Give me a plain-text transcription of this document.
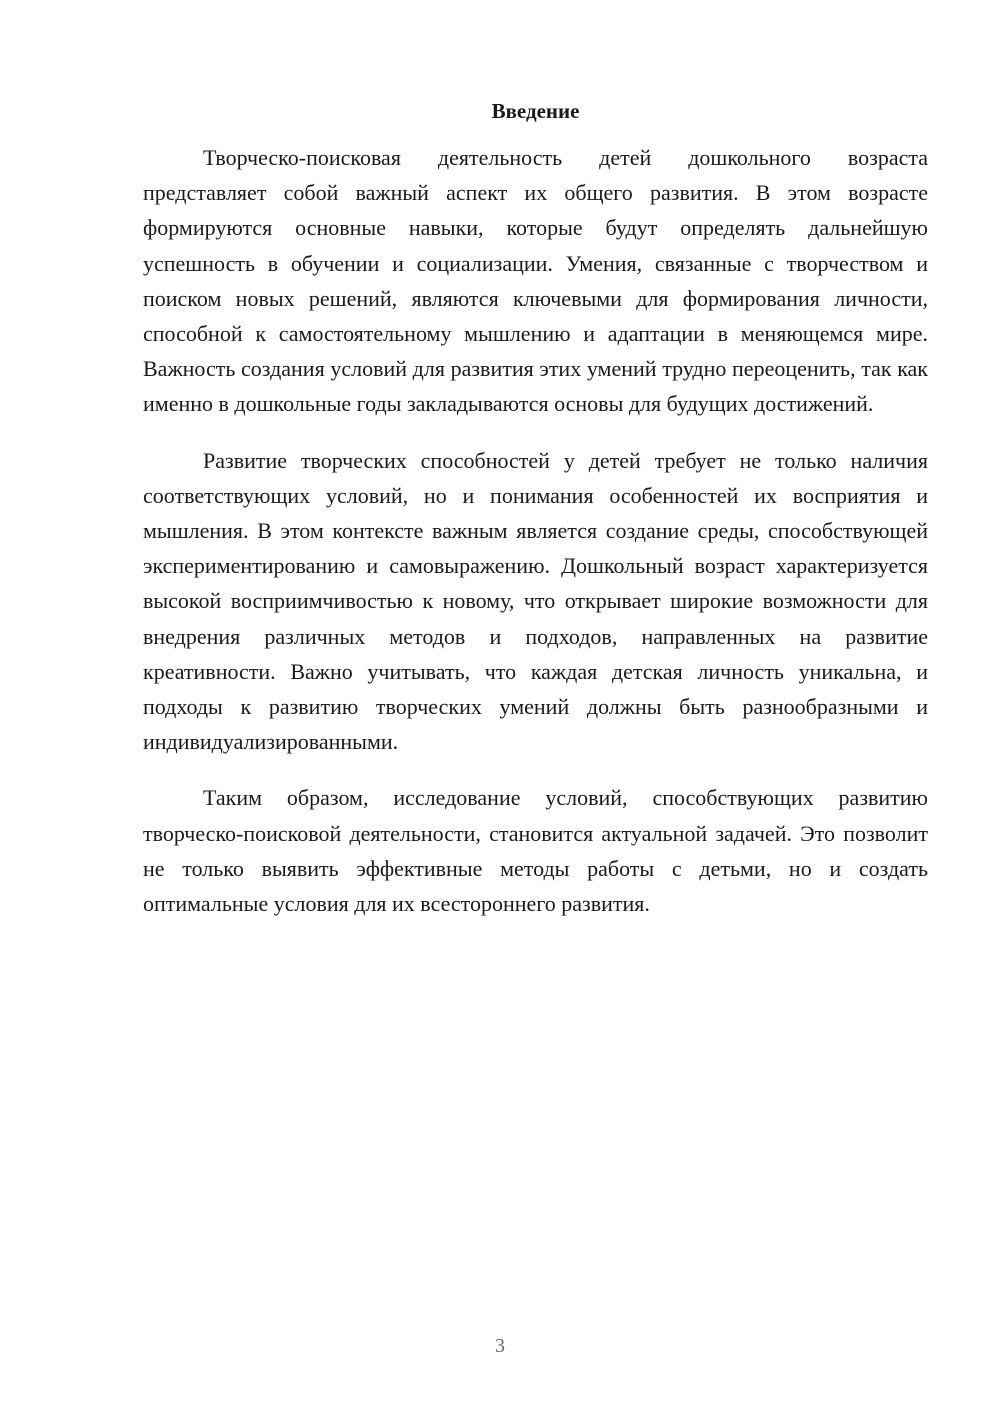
Введение

Творческо-поисковая деятельность детей дошкольного возраста представляет собой важный аспект их общего развития. В этом возрасте формируются основные навыки, которые будут определять дальнейшую успешность в обучении и социализации. Умения, связанные с творчеством и поиском новых решений, являются ключевыми для формирования личности, способной к самостоятельному мышлению и адаптации в меняющемся мире. Важность создания условий для развития этих умений трудно переоценить, так как именно в дошкольные годы закладываются основы для будущих достижений.

Развитие творческих способностей у детей требует не только наличия соответствующих условий, но и понимания особенностей их восприятия и мышления. В этом контексте важным является создание среды, способствующей экспериментированию и самовыражению. Дошкольный возраст характеризуется высокой восприимчивостью к новому, что открывает широкие возможности для внедрения различных методов и подходов, направленных на развитие креативности. Важно учитывать, что каждая детская личность уникальна, и подходы к развитию творческих умений должны быть разнообразными и индивидуализированными.

Таким образом, исследование условий, способствующих развитию творческо-поисковой деятельности, становится актуальной задачей. Это позволит не только выявить эффективные методы работы с детьми, но и создать оптимальные условия для их всестороннего развития.

3
